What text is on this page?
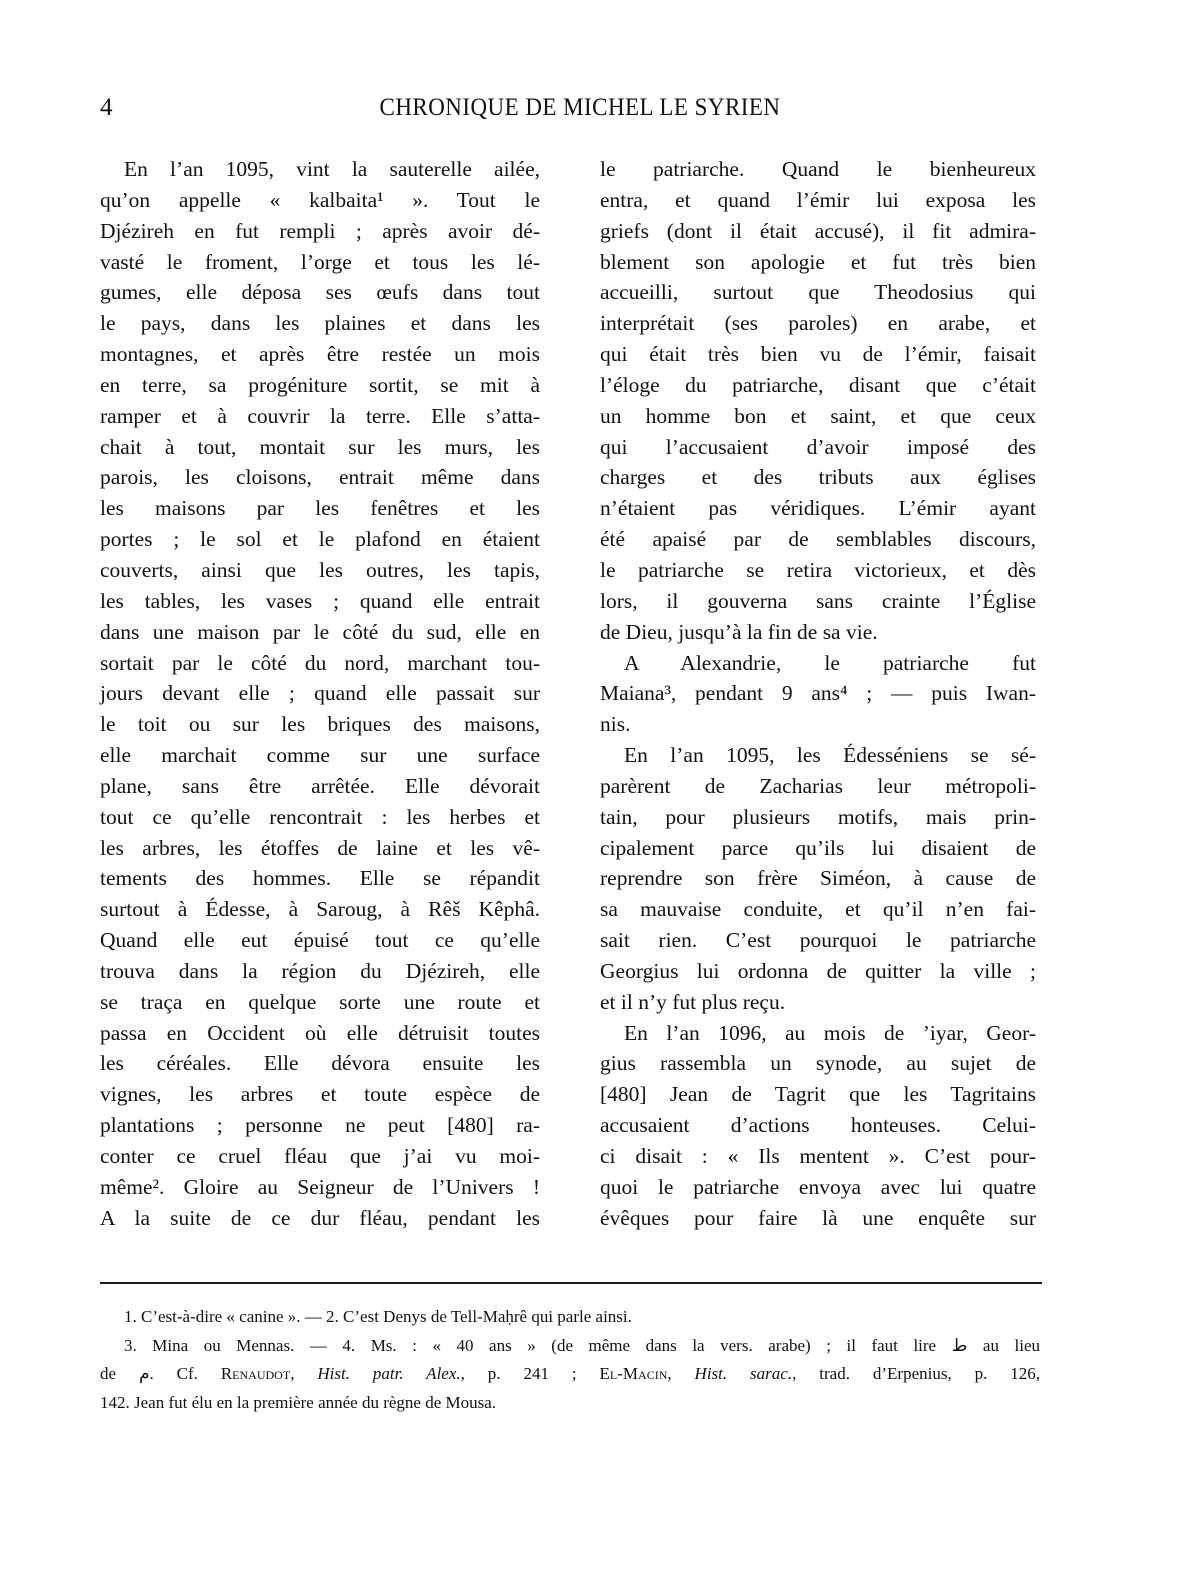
4	CHRONIQUE DE MICHEL LE SYRIEN
En l’an 1095, vint la sauterelle ailée,
qu’on appelle « kalbaita¹ ». Tout le
Djézireh en fut rempli ; après avoir dé-
vasté le froment, l’orge et tous les lé-
gumes, elle déposa ses œufs dans tout
le pays, dans les plaines et dans les
montagnes, et après être restée un mois
en terre, sa progéniture sortit, se mit à
ramper et à couvrir la terre. Elle s’atta-
chait à tout, montait sur les murs, les
parois, les cloisons, entrait même dans
les maisons par les fenêtres et les
portes ; le sol et le plafond en étaient
couverts, ainsi que les outres, les tapis,
les tables, les vases ; quand elle entrait
dans une maison par le côté du sud, elle en
sortait par le côté du nord, marchant tou-
jours devant elle ; quand elle passait sur
le toit ou sur les briques des maisons,
elle marchait comme sur une surface
plane, sans être arrêtée. Elle dévorait
tout ce qu’elle rencontrait : les herbes et
les arbres, les étoffes de laine et les vê-
tements des hommes. Elle se répandit
surtout à Édesse, à Saroug, à Rêš Kêphâ.
Quand elle eut épuisé tout ce qu’elle
trouva dans la région du Djézireh, elle
se traça en quelque sorte une route et
passa en Occident où elle détruisit toutes
les céréales. Elle dévora ensuite les
vignes, les arbres et toute espèce de
plantations ; personne ne peut [480] ra-
conter ce cruel fléau que j’ai vu moi-
même². Gloire au Seigneur de l’Univers !
A la suite de ce dur fléau, pendant les
le patriarche. Quand le bienheureux
entra, et quand l’émir lui exposa les
griefs (dont il était accusé), il fit admira-
blement son apologie et fut très bien
accueilli, surtout que Theodosius qui
interprétait (ses paroles) en arabe, et
qui était très bien vu de l’émir, faisait
l’éloge du patriarche, disant que c’était
un homme bon et saint, et que ceux
qui l’accusaient d’avoir imposé des
charges et des tributs aux églises
n’étaient pas véridiques. L’émir ayant
été apaisé par de semblables discours,
le patriarche se retira victorieux, et dès
lors, il gouverna sans crainte l’Église
de Dieu, jusqu’à la fin de sa vie.
A Alexandrie, le patriarche fut
Maiana³, pendant 9 ans⁴ ; — puis Iwan-
nis.
En l’an 1095, les Édesséniens se sé-
parèrent de Zacharias leur métropoli-
tain, pour plusieurs motifs, mais prin-
cipalement parce qu’ils lui disaient de
reprendre son frère Siméon, à cause de
sa mauvaise conduite, et qu’il n’en fai-
sait rien. C’est pourquoi le patriarche
Georgius lui ordonna de quitter la ville ;
et il n’y fut plus reçu.
En l’an 1096, au mois de ’iyar, Geor-
gius rassembla un synode, au sujet de
[480] Jean de Tagrit que les Tagritains
accusaient d’actions honteuses. Celui-
ci disait : « Ils mentent ». C’est pour-
quoi le patriarche envoya avec lui quatre
évêques pour faire là une enquête sur
1. C’est-à-dire « canine ». — 2. C’est Denys de Tell-Maḥrê qui parle ainsi.
3. Mina ou Mennas. — 4. Ms. : « 40 ans » (de même dans la vers. arabe) ; il faut lire ط au lieu
de ﻡ. Cf. Renaudot, Hist. patr. Alex., p. 241 ; El-Macin, Hist. sarac., trad. d’Erpenius, p. 126,
142. Jean fut élu en la première année du règne de Mousa.
